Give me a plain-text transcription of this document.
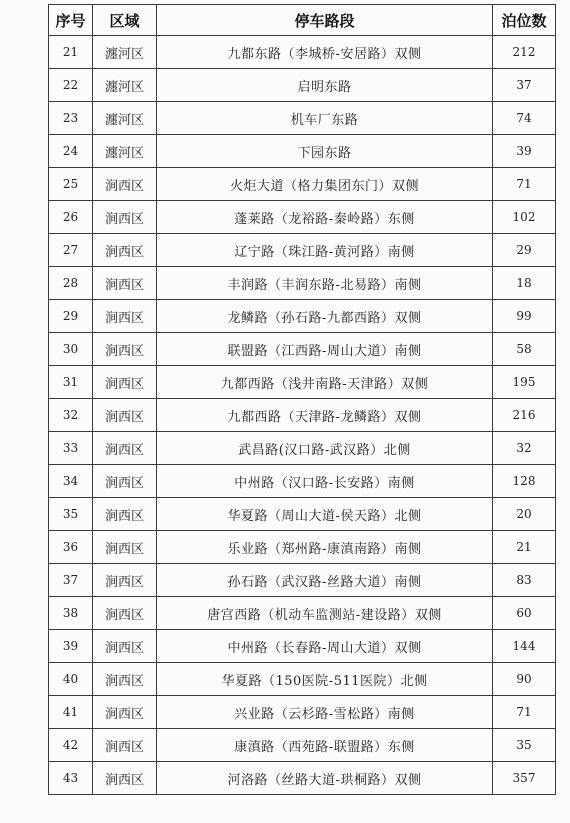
序号	区域	停车路段	泊位数
21	瀍河区	九都东路（李城桥-安居路）双侧	212
22	瀍河区	启明东路	37
23	瀍河区	机车厂东路	74
24	瀍河区	下园东路	39
25	涧西区	火炬大道（格力集团东门）双侧	71
26	涧西区	蓬莱路（龙裕路-秦岭路）东侧	102
27	涧西区	辽宁路（珠江路-黄河路）南侧	29
28	涧西区	丰润路（丰润东路-北易路）南侧	18
29	涧西区	龙鳞路（孙石路-九都西路）双侧	99
30	涧西区	联盟路（江西路-周山大道）南侧	58
31	涧西区	九都西路（浅井南路-天津路）双侧	195
32	涧西区	九都西路（天津路-龙鳞路）双侧	216
33	涧西区	武昌路(汉口路-武汉路）北侧	32
34	涧西区	中州路（汉口路-长安路）南侧	128
35	涧西区	华夏路（周山大道-侯天路）北侧	20
36	涧西区	乐业路（郑州路-康滇南路）南侧	21
37	涧西区	孙石路（武汉路-丝路大道）南侧	83
38	涧西区	唐宫西路（机动车监测站-建设路）双侧	60
39	涧西区	中州路（长春路-周山大道）双侧	144
40	涧西区	华夏路（150医院-511医院）北侧	90
41	涧西区	兴业路（云杉路-雪松路）南侧	71
42	涧西区	康滇路（西苑路-联盟路）东侧	35
43	涧西区	河洛路（丝路大道-珙桐路）双侧	357
